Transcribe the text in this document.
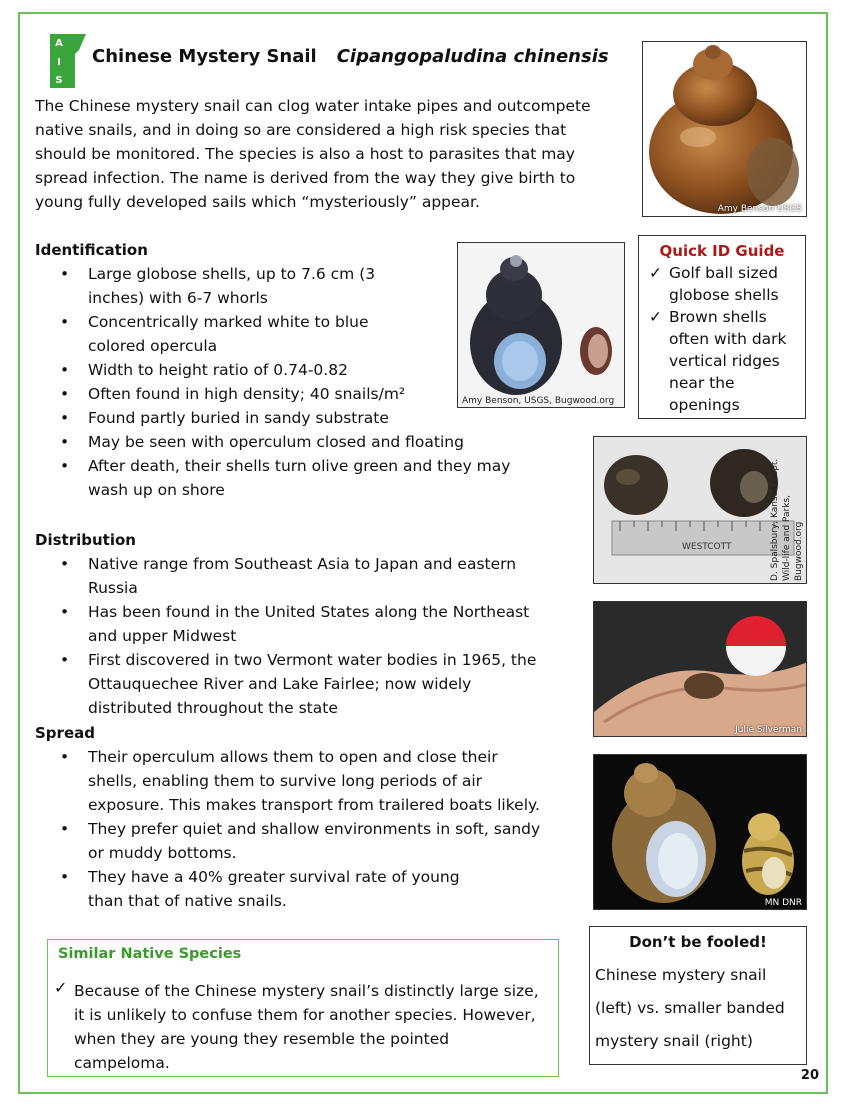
A
I
S
Chinese Mystery Snail Cipangopaludina chinensis

The Chinese mystery snail can clog water intake pipes and outcompete native snails, and in doing so are considered a high risk species that should be monitored. The species is also a host to parasites that may spread infection. The name is derived from the way they give birth to young fully developed sails which “mysteriously” appear.

Identification
• Large globose shells, up to 7.6 cm (3 inches) with 6-7 whorls
• Concentrically marked white to blue colored opercula
• Width to height ratio of 0.74-0.82
• Often found in high density; 40 snails/m²
• Found partly buried in sandy substrate
• May be seen with operculum closed and floating
• After death, their shells turn olive green and they may wash up on shore
Distribution
• Native range from Southeast Asia to Japan and eastern Russia
• Has been found in the United States along the Northeast and upper Midwest
• First discovered in two Vermont water bodies in 1965, the Ottauquechee River and Lake Fairlee; now widely distributed throughout the state
Spread
• Their operculum allows them to open and close their shells, enabling them to survive long periods of air exposure. This makes transport from trailered boats likely.
• They prefer quiet and shallow environments in soft, sandy or muddy bottoms.
• They have a 40% greater survival rate of young than that of native snails.
Amy Benson USGS
Amy Benson, USGS, Bugwood.org
Quick ID Guide
✓ Golf ball sized globose shells
✓ Brown shells often with dark vertical ridges near the openings
WESTCOTT	D. Spalsbury, Kansas Dept. Wild-life and Parks, Bugwood.org
Julie Silverman
MN DNR
Similar Native Species
✓ Because of the Chinese mystery snail’s distinctly large size, it is unlikely to confuse them for another species. However, when they are young they resemble the pointed campeloma.

Don’t be fooled!

Chinese mystery snail (left) vs. smaller banded mystery snail (right)

20
